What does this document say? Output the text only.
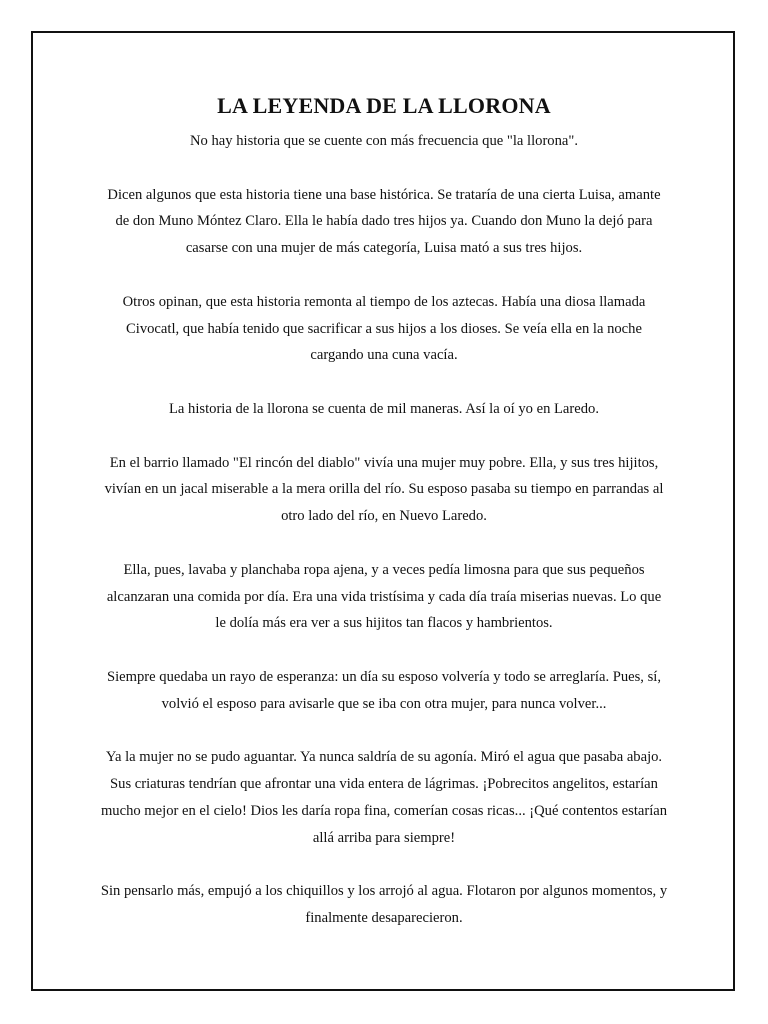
LA LEYENDA DE LA LLORONA

No hay historia que se cuente con más frecuencia que "la llorona".

Dicen algunos que esta historia tiene una base histórica. Se trataría de una cierta Luisa, amante de don Muno Móntez Claro. Ella le había dado tres hijos ya. Cuando don Muno la dejó para casarse con una mujer de más categoría, Luisa mató a sus tres hijos.

Otros opinan, que esta historia remonta al tiempo de los aztecas. Había una diosa llamada Civocatl, que había tenido que sacrificar a sus hijos a los dioses. Se veía ella en la noche cargando una cuna vacía.

La historia de la llorona se cuenta de mil maneras. Así la oí yo en Laredo.

En el barrio llamado "El rincón del diablo" vivía una mujer muy pobre. Ella, y sus tres hijitos, vivían en un jacal miserable a la mera orilla del río. Su esposo pasaba su tiempo en parrandas al otro lado del río, en Nuevo Laredo.

Ella, pues, lavaba y planchaba ropa ajena, y a veces pedía limosna para que sus pequeños alcanzaran una comida por día. Era una vida tristísima y cada día traía miserias nuevas. Lo que le dolía más era ver a sus hijitos tan flacos y hambrientos.

Siempre quedaba un rayo de esperanza: un día su esposo volvería y todo se arreglaría. Pues, sí, volvió el esposo para avisarle que se iba con otra mujer, para nunca volver...

Ya la mujer no se pudo aguantar. Ya nunca saldría de su agonía. Miró el agua que pasaba abajo. Sus criaturas tendrían que afrontar una vida entera de lágrimas. ¡Pobrecitos angelitos, estarían mucho mejor en el cielo! Dios les daría ropa fina, comerían cosas ricas... ¡Qué contentos estarían allá arriba para siempre!

Sin pensarlo más, empujó a los chiquillos y los arrojó al agua. Flotaron por algunos momentos, y finalmente desaparecieron.
